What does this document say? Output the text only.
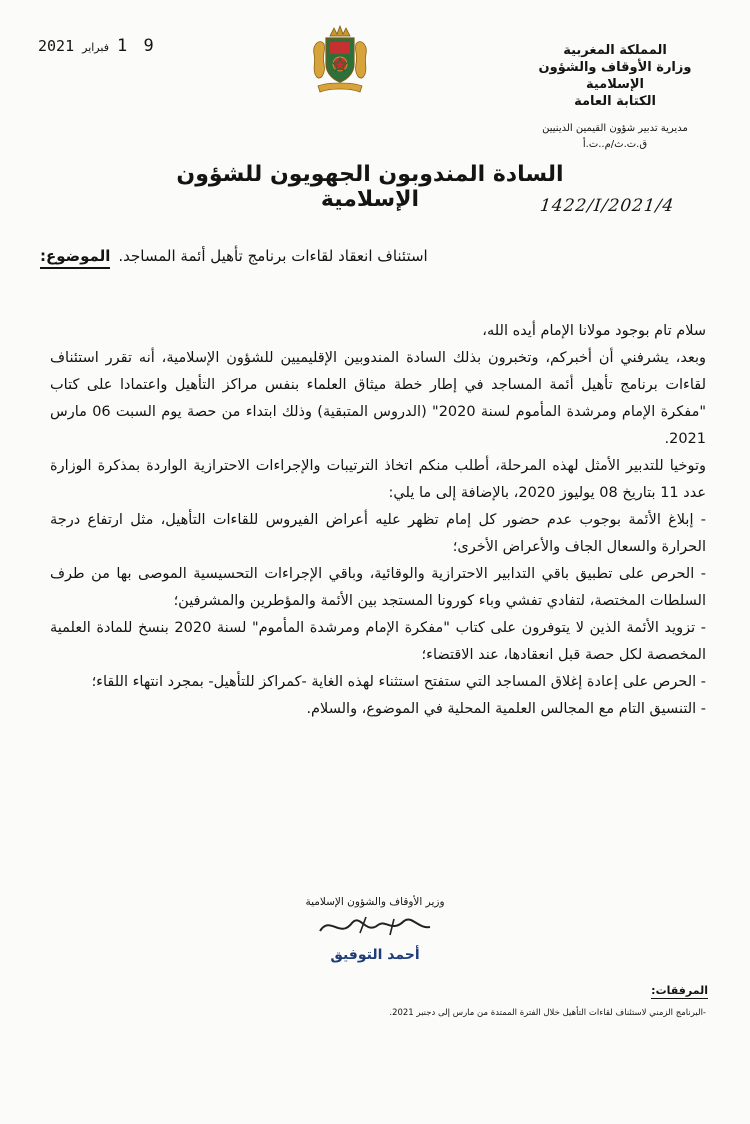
2021 فبراير 1 9	المملكة المغربية
وزارة الأوقاف والشؤون الإسلامية
الكتابة العامة
مديرية تدبير شؤون القيمين الدينيين
ق.ت.ث/م..ت.أ
السادة المندوبون الجهويون للشؤون الإسلامية	1422/I/2021/4
الموضوع: استئناف انعقاد لقاءات برنامج تأهيل أئمة المساجد.

سلام تام بوجود مولانا الإمام أيده الله،

وبعد، يشرفني أن أخبركم، وتخبرون بذلك السادة المندوبين الإقليميين للشؤون الإسلامية، أنه تقرر استئناف لقاءات برنامج تأهيل أئمة المساجد في إطار خطة ميثاق العلماء بنفس مراكز التأهيل واعتمادا على كتاب "مفكرة الإمام ومرشدة المأموم لسنة 2020" (الدروس المتبقية) وذلك ابتداء من حصة يوم السبت 06 مارس 2021.

وتوخيا للتدبير الأمثل لهذه المرحلة، أطلب منكم اتخاذ الترتيبات والإجراءات الاحترازية الواردة بمذكرة الوزارة عدد 11 بتاريخ 08 يوليوز 2020، بالإضافة إلى ما يلي:

- إبلاغ الأئمة بوجوب عدم حضور كل إمام تظهر عليه أعراض الفيروس للقاءات التأهيل، مثل ارتفاع درجة الحرارة والسعال الجاف والأعراض الأخرى؛

- الحرص على تطبيق باقي التدابير الاحترازية والوقائية، وباقي الإجراءات التحسيسية الموصى بها من طرف السلطات المختصة، لتفادي تفشي وباء كورونا المستجد بين الأئمة والمؤطرين والمشرفين؛

- تزويد الأئمة الذين لا يتوفرون على كتاب "مفكرة الإمام ومرشدة المأموم" لسنة 2020 بنسخ للمادة العلمية المخصصة لكل حصة قبل انعقادها، عند الاقتضاء؛

- الحرص على إعادة إغلاق المساجد التي ستفتح استثناء لهذه الغاية -كمراكز للتأهيل- بمجرد انتهاء اللقاء؛

- التنسيق التام مع المجالس العلمية المحلية في الموضوع، والسلام.

وزير الأوقاف والشؤون الإسلامية
أحمد التوفيق
المرفقات:
-البرنامج الزمني لاستئناف لقاءات التأهيل خلال الفترة الممتدة من مارس إلى دجنبر 2021.
